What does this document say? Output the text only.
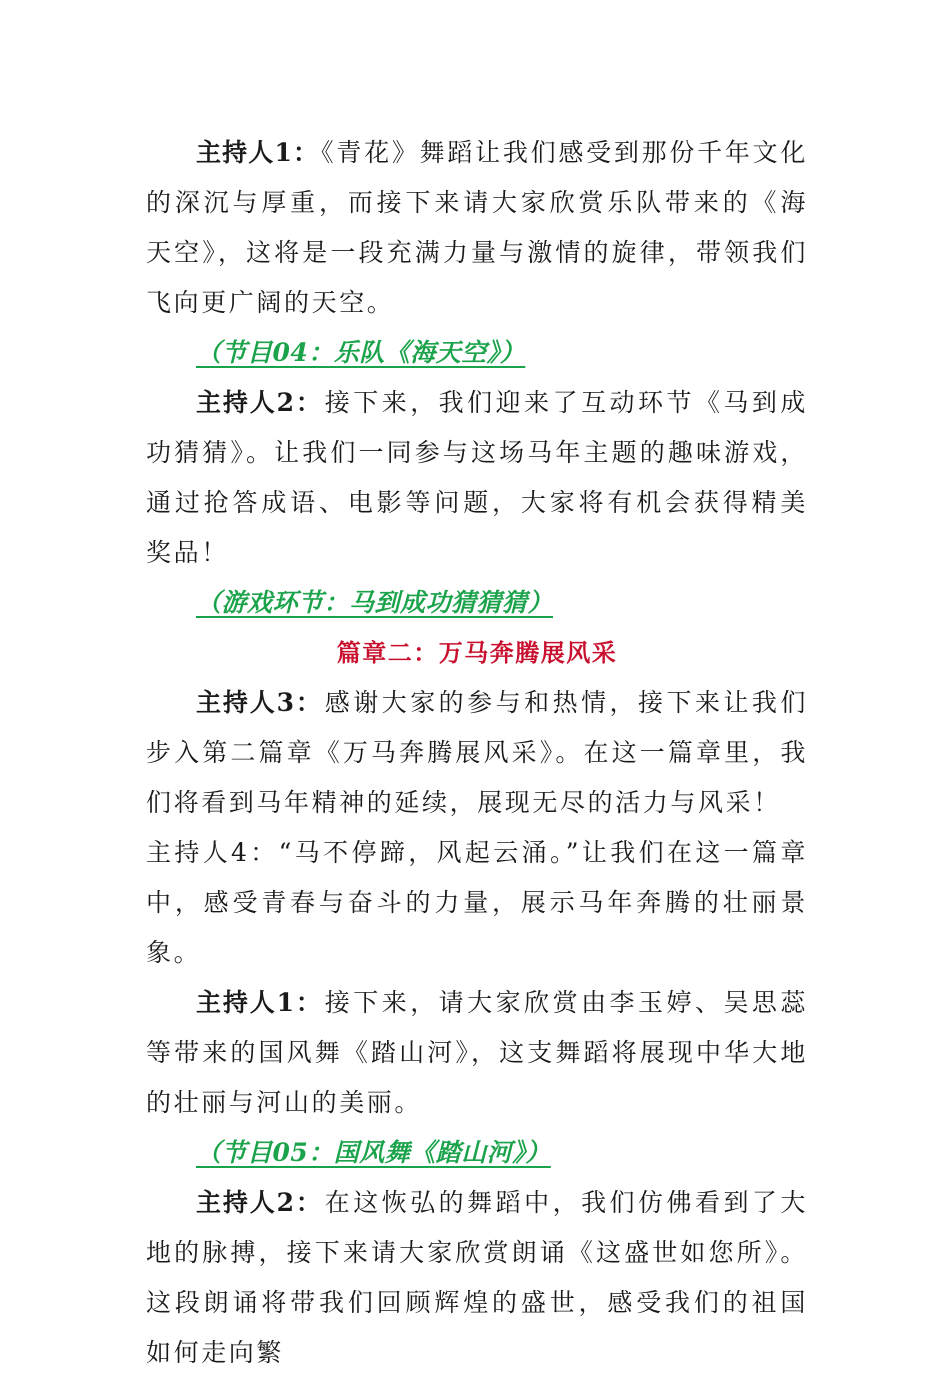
主持人1：《青花》舞蹈让我们感受到那份千年文化的深沉与厚重，而接下来请大家欣赏乐队带来的《海天空》，这将是一段充满力量与激情的旋律，带领我们飞向更广阔的天空。

（节目04：乐队《海天空》）

主持人2：接下来，我们迎来了互动环节《马到成功猜猜》。让我们一同参与这场马年主题的趣味游戏，通过抢答成语、电影等问题，大家将有机会获得精美奖品！

（游戏环节：马到成功猜猜猜）

篇章二：万马奔腾展风采

主持人3：感谢大家的参与和热情，接下来让我们步入第二篇章《万马奔腾展风采》。在这一篇章里，我们将看到马年精神的延续，展现无尽的活力与风采！

主持人4：“马不停蹄，风起云涌。”让我们在这一篇章中，感受青春与奋斗的力量，展示马年奔腾的壮丽景象。

主持人1：接下来，请大家欣赏由李玉婷、吴思蕊等带来的国风舞《踏山河》，这支舞蹈将展现中华大地的壮丽与河山的美丽。

（节目05：国风舞《踏山河》）

主持人2：在这恢弘的舞蹈中，我们仿佛看到了大地的脉搏，接下来请大家欣赏朗诵《这盛世如您所》。这段朗诵将带我们回顾辉煌的盛世，感受我们的祖国如何走向繁
